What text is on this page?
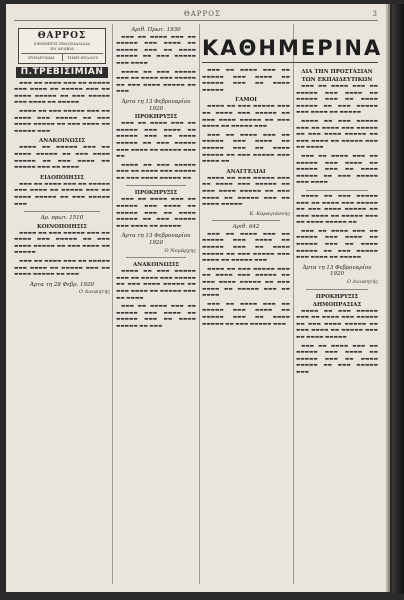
ΘΑΡΡΟΣ	3
ΘΑΡΡΟΣ
ΕΦΗΜΕΡΙΣ ΕΒΔΟΜΑΔΙΑΙΑ
ΕΝ ΑΡΑΒΙΑ
ΣΥΝΔΡΟΜΑΙ	ΤΙΜΗ ΦΥΛΛΟΥ
Π.ΤΡΕΒΙΣΙΜΙΑΝ

▬▬▬ ▬▬ ▬▬▬▬ ▬▬▬ ▬▬ ▬▬▬▬▬ ▬▬▬ ▬▬▬▬ ▬▬ ▬▬▬▬▬ ▬▬▬ ▬▬ ▬▬▬▬ ▬▬▬▬▬ ▬▬ ▬▬▬ ▬▬▬▬▬ ▬▬▬ ▬▬▬▬ ▬▬ ▬▬▬▬▬

▬▬▬▬ ▬▬ ▬▬▬ ▬▬▬▬▬ ▬▬▬ ▬▬ ▬▬▬▬ ▬▬▬ ▬▬▬▬▬ ▬▬ ▬▬▬ ▬▬▬▬ ▬▬▬▬▬ ▬▬ ▬▬▬ ▬▬▬▬ ▬▬ ▬▬▬▬▬ ▬▬▬

ΑΝΑΚΟΙΝΩΣΙΣ

▬▬▬▬ ▬▬ ▬▬▬▬▬ ▬▬▬ ▬▬ ▬▬▬▬ ▬▬▬▬▬ ▬▬ ▬▬▬ ▬▬▬▬ ▬▬▬▬▬ ▬▬ ▬▬▬ ▬▬▬▬ ▬▬ ▬▬▬▬▬ ▬▬▬ ▬▬ ▬▬▬▬

ΕΙΔΟΠΟΙΗΣΙΣ

▬▬▬ ▬▬ ▬▬▬▬ ▬▬▬ ▬▬ ▬▬▬▬▬ ▬▬▬ ▬▬▬▬ ▬▬ ▬▬▬▬▬ ▬▬▬ ▬▬ ▬▬▬▬ ▬▬▬▬▬ ▬▬ ▬▬▬ ▬▬▬▬▬ ▬▬▬

Αρ. πρωτ. 1510
ΚΟΙΝΟΠΟΙΗΣΙΣ

▬▬▬▬ ▬▬ ▬▬▬ ▬▬▬▬▬ ▬▬▬ ▬▬ ▬▬▬▬ ▬▬▬ ▬▬▬▬▬ ▬▬ ▬▬▬ ▬▬▬▬ ▬▬▬▬▬ ▬▬ ▬▬▬ ▬▬▬▬ ▬▬ ▬▬▬▬▬

▬▬▬ ▬▬ ▬▬▬▬ ▬▬▬ ▬▬ ▬▬▬▬▬ ▬▬▬ ▬▬▬▬ ▬▬ ▬▬▬▬▬ ▬▬▬ ▬▬ ▬▬▬▬ ▬▬▬▬▬ ▬▬ ▬▬▬

Άρτα τη 28 Φεβρ. 1920
Ο Διοικητής
Αριθ. Πρωτ. 1930

▬▬▬ ▬▬ ▬▬▬▬ ▬▬▬ ▬▬ ▬▬▬▬▬ ▬▬▬ ▬▬▬▬ ▬▬ ▬▬▬▬▬ ▬▬▬ ▬▬ ▬▬▬▬ ▬▬▬▬▬ ▬▬ ▬▬▬ ▬▬▬▬▬ ▬▬▬ ▬▬▬▬

▬▬▬▬ ▬▬ ▬▬▬ ▬▬▬▬▬ ▬▬▬ ▬▬ ▬▬▬▬ ▬▬▬ ▬▬▬▬▬ ▬▬ ▬▬▬ ▬▬▬▬ ▬▬▬▬▬ ▬▬ ▬▬▬

Άρτα τη 13 Φεβρουαρίου 1920
ΠΡΟΚΗΡΥΞΙΣ

▬▬▬ ▬▬ ▬▬▬▬ ▬▬▬ ▬▬ ▬▬▬▬▬ ▬▬▬ ▬▬▬▬ ▬▬ ▬▬▬▬▬ ▬▬▬ ▬▬ ▬▬▬▬ ▬▬▬▬▬ ▬▬ ▬▬▬ ▬▬▬▬▬ ▬▬▬ ▬▬▬▬ ▬▬ ▬▬▬▬▬ ▬▬▬ ▬▬

▬▬▬▬ ▬▬ ▬▬▬ ▬▬▬▬▬ ▬▬▬ ▬▬ ▬▬▬▬ ▬▬▬ ▬▬▬▬▬ ▬▬ ▬▬▬ ▬▬▬▬ ▬▬▬▬▬ ▬▬

ΠΡΟΚΗΡΥΞΙΣ

▬▬▬ ▬▬ ▬▬▬▬ ▬▬▬ ▬▬ ▬▬▬▬▬ ▬▬▬ ▬▬▬▬ ▬▬ ▬▬▬▬▬ ▬▬▬ ▬▬ ▬▬▬▬ ▬▬▬▬▬ ▬▬ ▬▬▬ ▬▬▬▬▬ ▬▬▬ ▬▬▬▬ ▬▬ ▬▬▬▬▬

Άρτα τη 13 Φεβρουαρίου 1920
Ο Νομάρχης
ΑΝΑΚΟΙΝΩΣΙΣ

▬▬▬▬ ▬▬ ▬▬▬ ▬▬▬▬▬ ▬▬▬ ▬▬ ▬▬▬▬ ▬▬▬ ▬▬▬▬▬ ▬▬ ▬▬▬ ▬▬▬▬ ▬▬▬▬▬ ▬▬ ▬▬▬ ▬▬▬▬ ▬▬ ▬▬▬▬▬ ▬▬▬ ▬▬ ▬▬▬▬

▬▬▬ ▬▬ ▬▬▬▬ ▬▬▬ ▬▬ ▬▬▬▬▬ ▬▬▬ ▬▬▬▬ ▬▬ ▬▬▬▬▬ ▬▬▬ ▬▬ ▬▬▬▬ ▬▬▬▬▬ ▬▬ ▬▬▬

ΚΑΘΗΜΕΡΙΝΑ

▬▬▬ ▬▬ ▬▬▬▬ ▬▬▬ ▬▬ ▬▬▬▬▬ ▬▬▬ ▬▬▬▬ ▬▬ ▬▬▬▬▬ ▬▬▬ ▬▬ ▬▬▬▬ ▬▬▬▬▬

ΓΑΜΟΙ

▬▬▬▬ ▬▬ ▬▬▬ ▬▬▬▬▬ ▬▬▬ ▬▬ ▬▬▬▬ ▬▬▬ ▬▬▬▬▬ ▬▬ ▬▬▬ ▬▬▬▬ ▬▬▬▬▬ ▬▬ ▬▬▬ ▬▬▬▬ ▬▬ ▬▬▬▬▬ ▬▬▬

▬▬▬ ▬▬ ▬▬▬▬ ▬▬▬ ▬▬ ▬▬▬▬▬ ▬▬▬ ▬▬▬▬ ▬▬ ▬▬▬▬▬ ▬▬▬ ▬▬ ▬▬▬▬ ▬▬▬▬▬ ▬▬ ▬▬▬ ▬▬▬▬▬ ▬▬▬ ▬▬▬▬ ▬▬

ΑΝΑΓΓΕΛΙΑΙ

▬▬▬▬ ▬▬ ▬▬▬ ▬▬▬▬▬ ▬▬▬ ▬▬ ▬▬▬▬ ▬▬▬ ▬▬▬▬▬ ▬▬ ▬▬▬ ▬▬▬▬ ▬▬▬▬▬ ▬▬ ▬▬▬ ▬▬▬▬ ▬▬ ▬▬▬▬▬ ▬▬▬ ▬▬ ▬▬▬▬ ▬▬▬▬▬

Κ. Καραγιάννης
Αριθ. 642

▬▬▬ ▬▬ ▬▬▬▬ ▬▬▬ ▬▬ ▬▬▬▬▬ ▬▬▬ ▬▬▬▬ ▬▬ ▬▬▬▬▬ ▬▬▬ ▬▬ ▬▬▬▬ ▬▬▬▬▬ ▬▬ ▬▬▬ ▬▬▬▬▬ ▬▬▬ ▬▬▬▬ ▬▬ ▬▬▬▬▬ ▬▬▬

▬▬▬▬ ▬▬ ▬▬▬ ▬▬▬▬▬ ▬▬▬ ▬▬ ▬▬▬▬ ▬▬▬ ▬▬▬▬▬ ▬▬ ▬▬▬ ▬▬▬▬ ▬▬▬▬▬ ▬▬ ▬▬▬ ▬▬▬▬ ▬▬ ▬▬▬▬▬ ▬▬▬ ▬▬ ▬▬▬▬

▬▬▬ ▬▬ ▬▬▬▬ ▬▬▬ ▬▬ ▬▬▬▬▬ ▬▬▬ ▬▬▬▬ ▬▬ ▬▬▬▬▬ ▬▬▬ ▬▬ ▬▬▬▬ ▬▬▬▬▬ ▬▬ ▬▬▬ ▬▬▬▬▬ ▬▬▬

ΔΙΑ ΤΗΝ ΠΡΟΣΤΑΣΙΑΝ ΤΩΝ ΕΚΠΑΙΔΕΥΤΙΚΩΝ

▬▬▬ ▬▬ ▬▬▬▬ ▬▬▬ ▬▬ ▬▬▬▬▬ ▬▬▬ ▬▬▬▬ ▬▬ ▬▬▬▬▬ ▬▬▬ ▬▬ ▬▬▬▬ ▬▬▬▬▬ ▬▬ ▬▬▬ ▬▬▬▬▬ ▬▬▬ ▬▬▬▬ ▬▬ ▬▬▬▬▬

▬▬▬▬ ▬▬ ▬▬▬ ▬▬▬▬▬ ▬▬▬ ▬▬ ▬▬▬▬ ▬▬▬ ▬▬▬▬▬ ▬▬ ▬▬▬ ▬▬▬▬ ▬▬▬▬▬ ▬▬ ▬▬▬ ▬▬▬▬ ▬▬ ▬▬▬▬▬ ▬▬▬ ▬▬ ▬▬▬▬

▬▬▬ ▬▬ ▬▬▬▬ ▬▬▬ ▬▬ ▬▬▬▬▬ ▬▬▬ ▬▬▬▬ ▬▬ ▬▬▬▬▬ ▬▬▬ ▬▬ ▬▬▬▬ ▬▬▬▬▬ ▬▬ ▬▬▬ ▬▬▬▬▬ ▬▬▬ ▬▬▬▬

▬▬▬▬ ▬▬ ▬▬▬ ▬▬▬▬▬ ▬▬▬ ▬▬ ▬▬▬▬ ▬▬▬ ▬▬▬▬▬ ▬▬ ▬▬▬ ▬▬▬▬ ▬▬▬▬▬ ▬▬ ▬▬▬ ▬▬▬▬ ▬▬ ▬▬▬▬▬ ▬▬▬ ▬▬ ▬▬▬▬ ▬▬▬▬▬ ▬▬

▬▬▬ ▬▬ ▬▬▬▬ ▬▬▬ ▬▬ ▬▬▬▬▬ ▬▬▬ ▬▬▬▬ ▬▬ ▬▬▬▬▬ ▬▬▬ ▬▬ ▬▬▬▬ ▬▬▬▬▬ ▬▬ ▬▬▬ ▬▬▬▬▬ ▬▬▬ ▬▬▬▬ ▬▬ ▬▬▬▬▬

Άρτα τη 13 Φεβρουαρίου 1920
Ο Διοικητής
ΠΡΟΚΗΡΥΞΙΣ
ΔΗΜΟΠΡΑΣΙΑΣ

▬▬▬▬ ▬▬ ▬▬▬ ▬▬▬▬▬ ▬▬▬ ▬▬ ▬▬▬▬ ▬▬▬ ▬▬▬▬▬ ▬▬ ▬▬▬ ▬▬▬▬ ▬▬▬▬▬ ▬▬ ▬▬▬ ▬▬▬▬ ▬▬ ▬▬▬▬▬ ▬▬▬ ▬▬ ▬▬▬▬ ▬▬▬▬▬

▬▬▬ ▬▬ ▬▬▬▬ ▬▬▬ ▬▬ ▬▬▬▬▬ ▬▬▬ ▬▬▬▬ ▬▬ ▬▬▬▬▬ ▬▬▬ ▬▬ ▬▬▬▬ ▬▬▬▬▬ ▬▬ ▬▬▬ ▬▬▬▬▬ ▬▬▬
